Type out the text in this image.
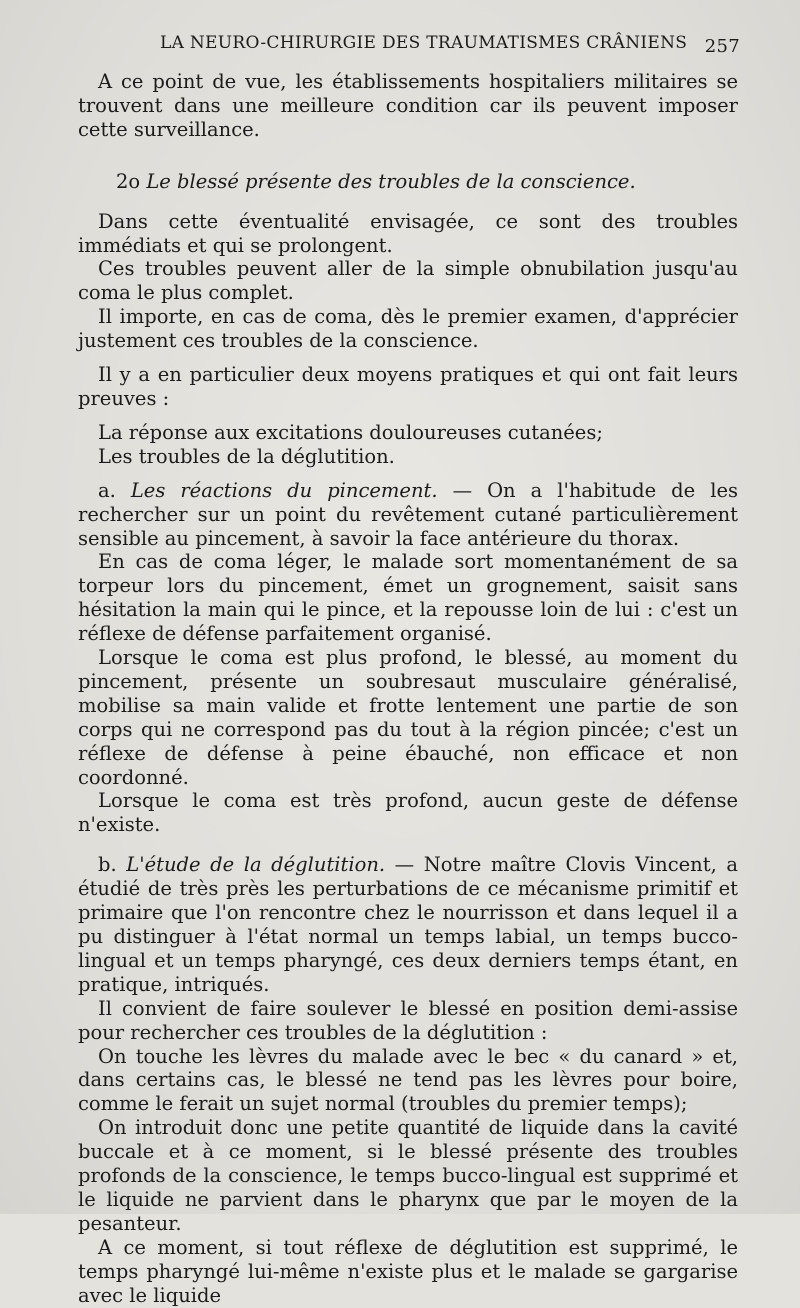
LA NEURO-CHIRURGIE DES TRAUMATISMES CRÂNIENS 257

A ce point de vue, les établissements hospitaliers militaires se trouvent dans une meilleure condition car ils peuvent imposer cette surveillance.

2o Le blessé présente des troubles de la conscience.

Dans cette éventualité envisagée, ce sont des troubles immédiats et qui se prolongent.

Ces troubles peuvent aller de la simple obnubilation jusqu'au coma le plus complet.

Il importe, en cas de coma, dès le premier examen, d'apprécier justement ces troubles de la conscience.

Il y a en particulier deux moyens pratiques et qui ont fait leurs preuves :

La réponse aux excitations douloureuses cutanées;

Les troubles de la déglutition.

a. Les réactions du pincement. — On a l'habitude de les rechercher sur un point du revêtement cutané particulièrement sensible au pincement, à savoir la face antérieure du thorax.

En cas de coma léger, le malade sort momentanément de sa torpeur lors du pincement, émet un grognement, saisit sans hésitation la main qui le pince, et la repousse loin de lui : c'est un réflexe de défense parfaitement organisé.

Lorsque le coma est plus profond, le blessé, au moment du pincement, présente un soubresaut musculaire généralisé, mobilise sa main valide et frotte lentement une partie de son corps qui ne correspond pas du tout à la région pincée; c'est un réflexe de défense à peine ébauché, non efficace et non coordonné.

Lorsque le coma est très profond, aucun geste de défense n'existe.

b. L'étude de la déglutition. — Notre maître Clovis Vincent, a étudié de très près les perturbations de ce mécanisme primitif et primaire que l'on rencontre chez le nourrisson et dans lequel il a pu distinguer à l'état normal un temps labial, un temps bucco-lingual et un temps pharyngé, ces deux derniers temps étant, en pratique, intriqués.

Il convient de faire soulever le blessé en position demi-assise pour rechercher ces troubles de la déglutition :

On touche les lèvres du malade avec le bec « du canard » et, dans certains cas, le blessé ne tend pas les lèvres pour boire, comme le ferait un sujet normal (troubles du premier temps);

On introduit donc une petite quantité de liquide dans la cavité buccale et à ce moment, si le blessé présente des troubles profonds de la conscience, le temps bucco-lingual est supprimé et le liquide ne parvient dans le pharynx que par le moyen de la pesanteur.

A ce moment, si tout réflexe de déglutition est supprimé, le temps pharyngé lui-même n'existe plus et le malade se gargarise avec le liquide
